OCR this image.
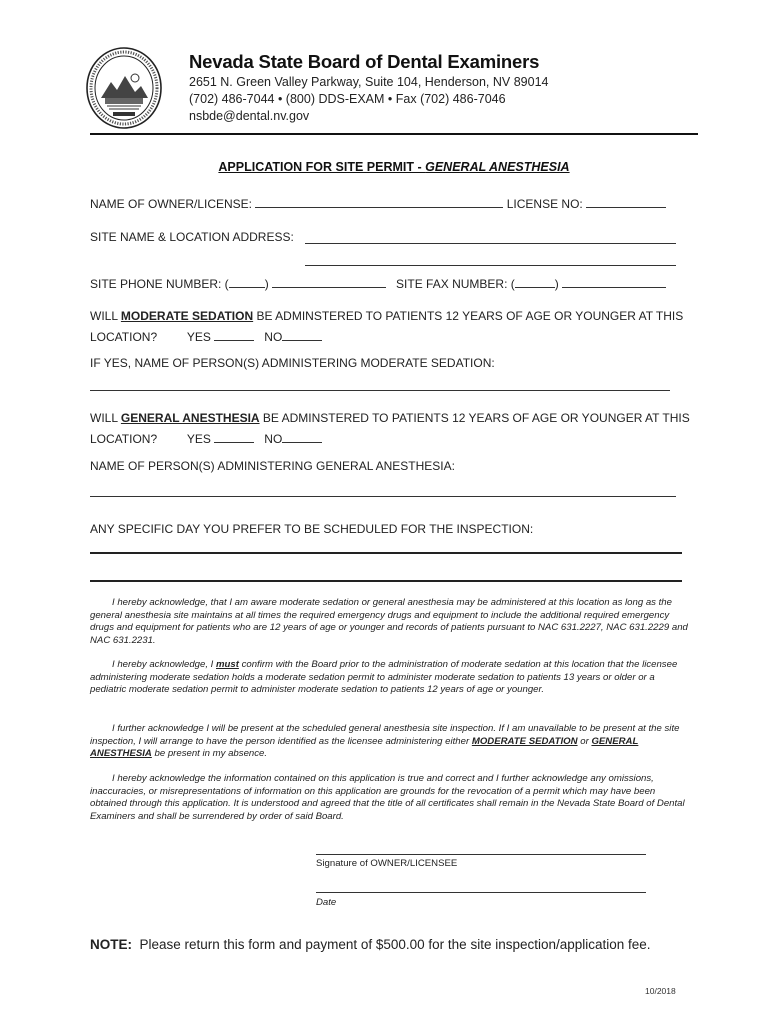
Nevada State Board of Dental Examiners
2651 N. Green Valley Parkway, Suite 104, Henderson, NV 89014
(702) 486-7044 • (800) DDS-EXAM • Fax (702) 486-7046
nsbde@dental.nv.gov
APPLICATION FOR SITE PERMIT - GENERAL ANESTHESIA
NAME OF OWNER/LICENSE:	LICENSE NO:
SITE NAME & LOCATION ADDRESS:
SITE PHONE NUMBER: (	)	SITE FAX NUMBER: (	)
WILL MODERATE SEDATION BE ADMINSTERED TO PATIENTS 12 YEARS OF AGE OR YOUNGER AT THIS
LOCATION? YES	NO
IF YES, NAME OF PERSON(S) ADMINISTERING MODERATE SEDATION:
WILL GENERAL ANESTHESIA BE ADMINSTERED TO PATIENTS 12 YEARS OF AGE OR YOUNGER AT THIS
LOCATION? YES	NO
NAME OF PERSON(S) ADMINISTERING GENERAL ANESTHESIA:
ANY SPECIFIC DAY YOU PREFER TO BE SCHEDULED FOR THE INSPECTION:
I hereby acknowledge, that I am aware moderate sedation or general anesthesia may be administered at this location as long as the general anesthesia site maintains at all times the required emergency drugs and equipment to include the additional required emergency drugs and equipment for patients who are 12 years of age or younger and records of patients pursuant to NAC 631.2227, NAC 631.2229 and NAC 631.2231.
I hereby acknowledge, I must confirm with the Board prior to the administration of moderate sedation at this location that the licensee administering moderate sedation holds a moderate sedation permit to administer moderate sedation to patients 13 years or older or a pediatric moderate sedation permit to administer moderate sedation to patients 12 years of age or younger.
I further acknowledge I will be present at the scheduled general anesthesia site inspection. If I am unavailable to be present at the site inspection, I will arrange to have the person identified as the licensee administering either MODERATE SEDATION or GENERAL ANESTHESIA be present in my absence.
I hereby acknowledge the information contained on this application is true and correct and I further acknowledge any omissions, inaccuracies, or misrepresentations of information on this application are grounds for the revocation of a permit which may have been obtained through this application. It is understood and agreed that the title of all certificates shall remain in the Nevada State Board of Dental Examiners and shall be surrendered by order of said Board.
Signature of OWNER/LICENSEE
Date
NOTE:  Please return this form and payment of $500.00 for the site inspection/application fee.
10/2018
